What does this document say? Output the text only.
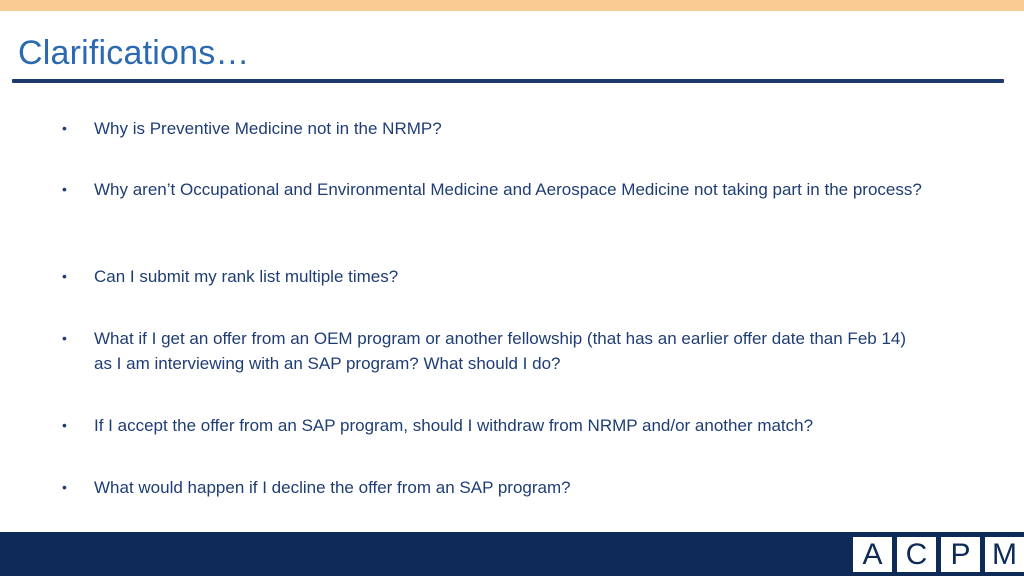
Clarifications…
•	Why is Preventive Medicine not in the NRMP?
•	Why aren’t Occupational and Environmental Medicine and Aerospace Medicine not taking part in the process?
•	Can I submit my rank list multiple times?
•	What if I get an offer from an OEM program or another fellowship (that has an earlier offer date than Feb 14) as I am interviewing with an SAP program? What should I do?
•	If I accept the offer from an SAP program, should I withdraw from NRMP and/or another match?
•	What would happen if I decline the offer from an SAP program?
A C P M
